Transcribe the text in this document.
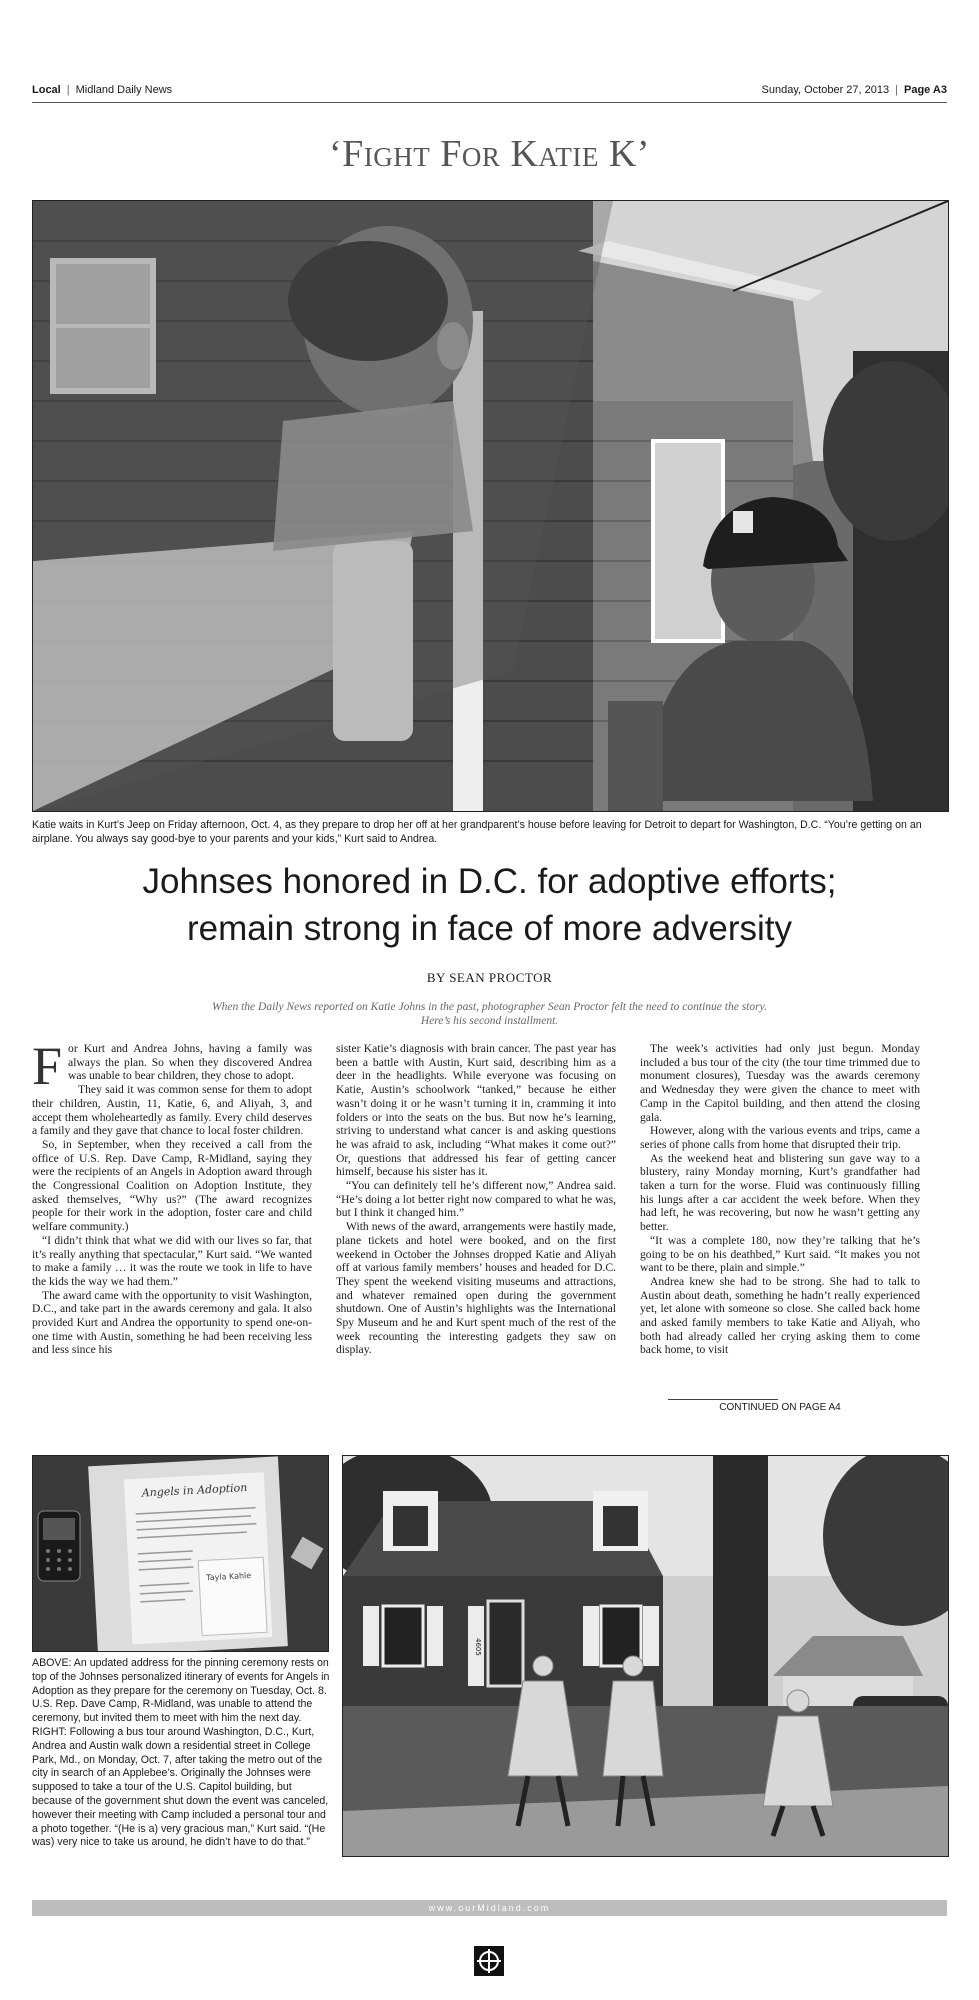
Local | Midland Daily News	Sunday, October 27, 2013 | Page A3
‘Fight For Katie K’
Katie waits in Kurt’s Jeep on Friday afternoon, Oct. 4, as they prepare to drop her off at her grandparent’s house before leaving for Detroit to depart for Washington, D.C. “You’re getting on an airplane. You always say good-bye to your parents and your kids,” Kurt said to Andrea.
Johnses honored in D.C. for adoptive efforts;
remain strong in face of more adversity
BY SEAN PROCTOR
When the Daily News reported on Katie Johns in the past, photographer Sean Proctor felt the need to continue the story. Here’s his second installment.

For Kurt and Andrea Johns, having a family was always the plan. So when they discovered Andrea was unable to bear children, they chose to adopt.

They said it was common sense for them to adopt their children, Austin, 11, Katie, 6, and Aliyah, 3, and accept them wholeheartedly as family. Every child deserves a family and they gave that chance to local foster children.

So, in September, when they received a call from the office of U.S. Rep. Dave Camp, R-Midland, saying they were the recipients of an Angels in Adoption award through the Congressional Coalition on Adoption Institute, they asked themselves, “Why us?” (The award recognizes people for their work in the adoption, foster care and child welfare community.)

“I didn’t think that what we did with our lives so far, that it’s really anything that spectacular,” Kurt said. “We wanted to make a family … it was the route we took in life to have the kids the way we had them.”

The award came with the opportunity to visit Washington, D.C., and take part in the awards ceremony and gala. It also provided Kurt and Andrea the opportunity to spend one-on-one time with Austin, something he had been receiving less and less since his

sister Katie’s diagnosis with brain cancer. The past year has been a battle with Austin, Kurt said, describing him as a deer in the headlights. While everyone was focusing on Katie, Austin’s schoolwork “tanked,” because he either wasn’t doing it or he wasn’t turning it in, cramming it into folders or into the seats on the bus. But now he’s learning, striving to understand what cancer is and asking questions he was afraid to ask, including “What makes it come out?” Or, questions that addressed his fear of getting cancer himself, because his sister has it.

“You can definitely tell he’s different now,” Andrea said. “He’s doing a lot better right now compared to what he was, but I think it changed him.”

With news of the award, arrangements were hastily made, plane tickets and hotel were booked, and on the first weekend in October the Johnses dropped Katie and Aliyah off at various family members’ houses and headed for D.C. They spent the weekend visiting museums and attractions, and whatever remained open during the government shutdown. One of Austin’s highlights was the International Spy Museum and he and Kurt spent much of the rest of the week recounting the interesting gadgets they saw on display.

The week’s activities had only just begun. Monday included a bus tour of the city (the tour time trimmed due to monument closures), Tuesday was the awards ceremony and Wednesday they were given the chance to meet with Camp in the Capitol building, and then attend the closing gala.

However, along with the various events and trips, came a series of phone calls from home that disrupted their trip.

As the weekend heat and blistering sun gave way to a blustery, rainy Monday morning, Kurt’s grandfather had taken a turn for the worse. Fluid was continuously filling his lungs after a car accident the week before. When they had left, he was recovering, but now he wasn’t getting any better.

“It was a complete 180, now they’re talking that he’s going to be on his deathbed,” Kurt said. “It makes you not want to be there, plain and simple.”

Andrea knew she had to be strong. She had to talk to Austin about death, something he hadn’t really experienced yet, let alone with someone so close. She called back home and asked family members to take Katie and Aliyah, who both had already called her crying asking them to come back home, to visit

CONTINUED ON PAGE A4
Angels in Adoption
Tayla Kahle
4605
ABOVE: An updated address for the pinning ceremony rests on top of the Johnses personalized itinerary of events for Angels in Adoption as they prepare for the ceremony on Tuesday, Oct. 8. U.S. Rep. Dave Camp, R-Midland, was unable to attend the ceremony, but invited them to meet with him the next day. RIGHT: Following a bus tour around Washington, D.C., Kurt, Andrea and Austin walk down a residential street in College Park, Md., on Monday, Oct. 7, after taking the metro out of the city in search of an Applebee’s. Originally the Johnses were supposed to take a tour of the U.S. Capitol building, but because of the government shut down the event was canceled, however their meeting with Camp included a personal tour and a photo together. “(He is a) very gracious man,” Kurt said. “(He was) very nice to take us around, he didn’t have to do that.”
www.ourMidland.com
